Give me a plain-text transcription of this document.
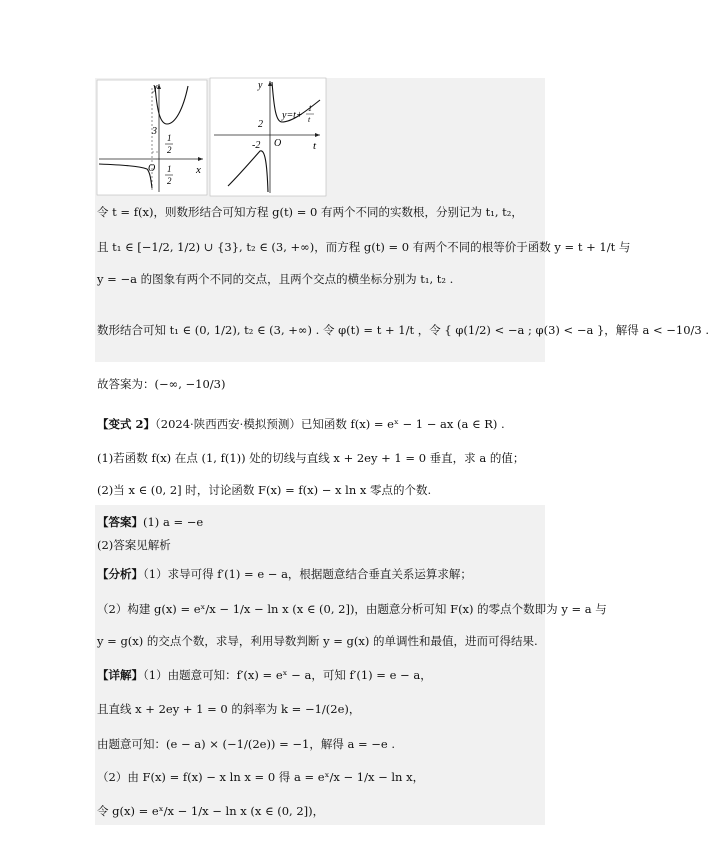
y
x
O
3
1
2
1
2
y
t
O
2
-2
y=t+
1
t
令 t = f(x)，则数形结合可知方程 g(t) = 0 有两个不同的实数根，分别记为 t₁, t₂，
且 t₁ ∈ [−1/2, 1/2) ∪ {3}, t₂ ∈ (3, +∞)，而方程 g(t) = 0 有两个不同的根等价于函数 y = t + 1/t 与
y = −a 的图象有两个不同的交点，且两个交点的横坐标分别为 t₁, t₂ .
数形结合可知 t₁ ∈ (0, 1/2), t₂ ∈ (3, +∞) . 令 φ(t) = t + 1/t ，令 { φ(1/2) < −a ; φ(3) < −a }，解得 a < −10/3 .
故答案为：(−∞, −10/3)
【变式 2】（2024·陕西西安·模拟预测）已知函数 f(x) = eˣ − 1 − ax (a ∈ R) .
(1)若函数 f(x) 在点 (1, f(1)) 处的切线与直线 x + 2ey + 1 = 0 垂直，求 a 的值；
(2)当 x ∈ (0, 2] 时，讨论函数 F(x) = f(x) − x ln x 零点的个数.
【答案】(1) a = −e
(2)答案见解析
【分析】（1）求导可得 f′(1) = e − a，根据题意结合垂直关系运算求解；
（2）构建 g(x) = eˣ/x − 1/x − ln x (x ∈ (0, 2])，由题意分析可知 F(x) 的零点个数即为 y = a 与
y = g(x) 的交点个数，求导，利用导数判断 y = g(x) 的单调性和最值，进而可得结果.
【详解】（1）由题意可知：f′(x) = eˣ − a，可知 f′(1) = e − a，
且直线 x + 2ey + 1 = 0 的斜率为 k = −1/(2e)，
由题意可知：(e − a) × (−1/(2e)) = −1，解得 a = −e .
（2）由 F(x) = f(x) − x ln x = 0 得 a = eˣ/x − 1/x − ln x，
令 g(x) = eˣ/x − 1/x − ln x (x ∈ (0, 2])，
